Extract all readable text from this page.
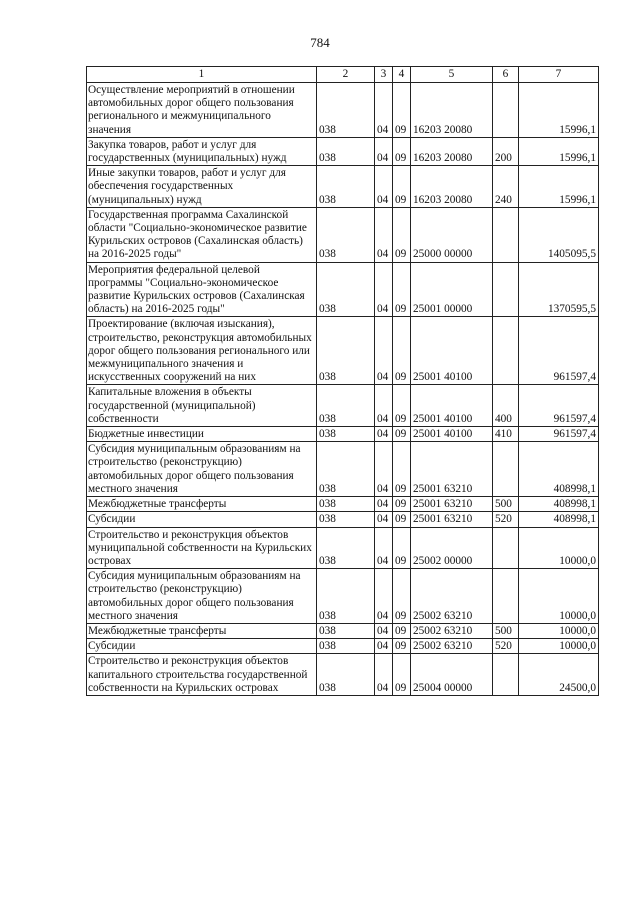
784
1	2	3	4	5	6	7
Осуществление мероприятий в отношении автомобильных дорог общего пользования регионального и межмуниципального значения	038	04	09	16203 20080		15996,1
Закупка товаров, работ и услуг для государственных (муниципальных) нужд	038	04	09	16203 20080	200	15996,1
Иные закупки товаров, работ и услуг для обеспечения государственных (муниципальных) нужд	038	04	09	16203 20080	240	15996,1
Государственная программа Сахалинской области "Социально-экономическое развитие Курильских островов (Сахалинская область) на 2016-2025 годы"	038	04	09	25000 00000		1405095,5
Мероприятия федеральной целевой программы "Социально-экономическое развитие Курильских островов (Сахалинская область) на 2016-2025 годы"	038	04	09	25001 00000		1370595,5
Проектирование (включая изыскания), строительство, реконструкция автомобильных дорог общего пользования регионального или межмуниципального значения и искусственных сооружений на них	038	04	09	25001 40100		961597,4
Капитальные вложения в объекты государственной (муниципальной) собственности	038	04	09	25001 40100	400	961597,4
Бюджетные инвестиции	038	04	09	25001 40100	410	961597,4
Субсидия муниципальным образованиям на строительство (реконструкцию) автомобильных дорог общего пользования местного значения	038	04	09	25001 63210		408998,1
Межбюджетные трансферты	038	04	09	25001 63210	500	408998,1
Субсидии	038	04	09	25001 63210	520	408998,1
Строительство и реконструкция объектов муниципальной собственности на Курильских островах	038	04	09	25002 00000		10000,0
Субсидия муниципальным образованиям на строительство (реконструкцию) автомобильных дорог общего пользования местного значения	038	04	09	25002 63210		10000,0
Межбюджетные трансферты	038	04	09	25002 63210	500	10000,0
Субсидии	038	04	09	25002 63210	520	10000,0
Строительство и реконструкция объектов капитального строительства государственной собственности на Курильских островах	038	04	09	25004 00000		24500,0
